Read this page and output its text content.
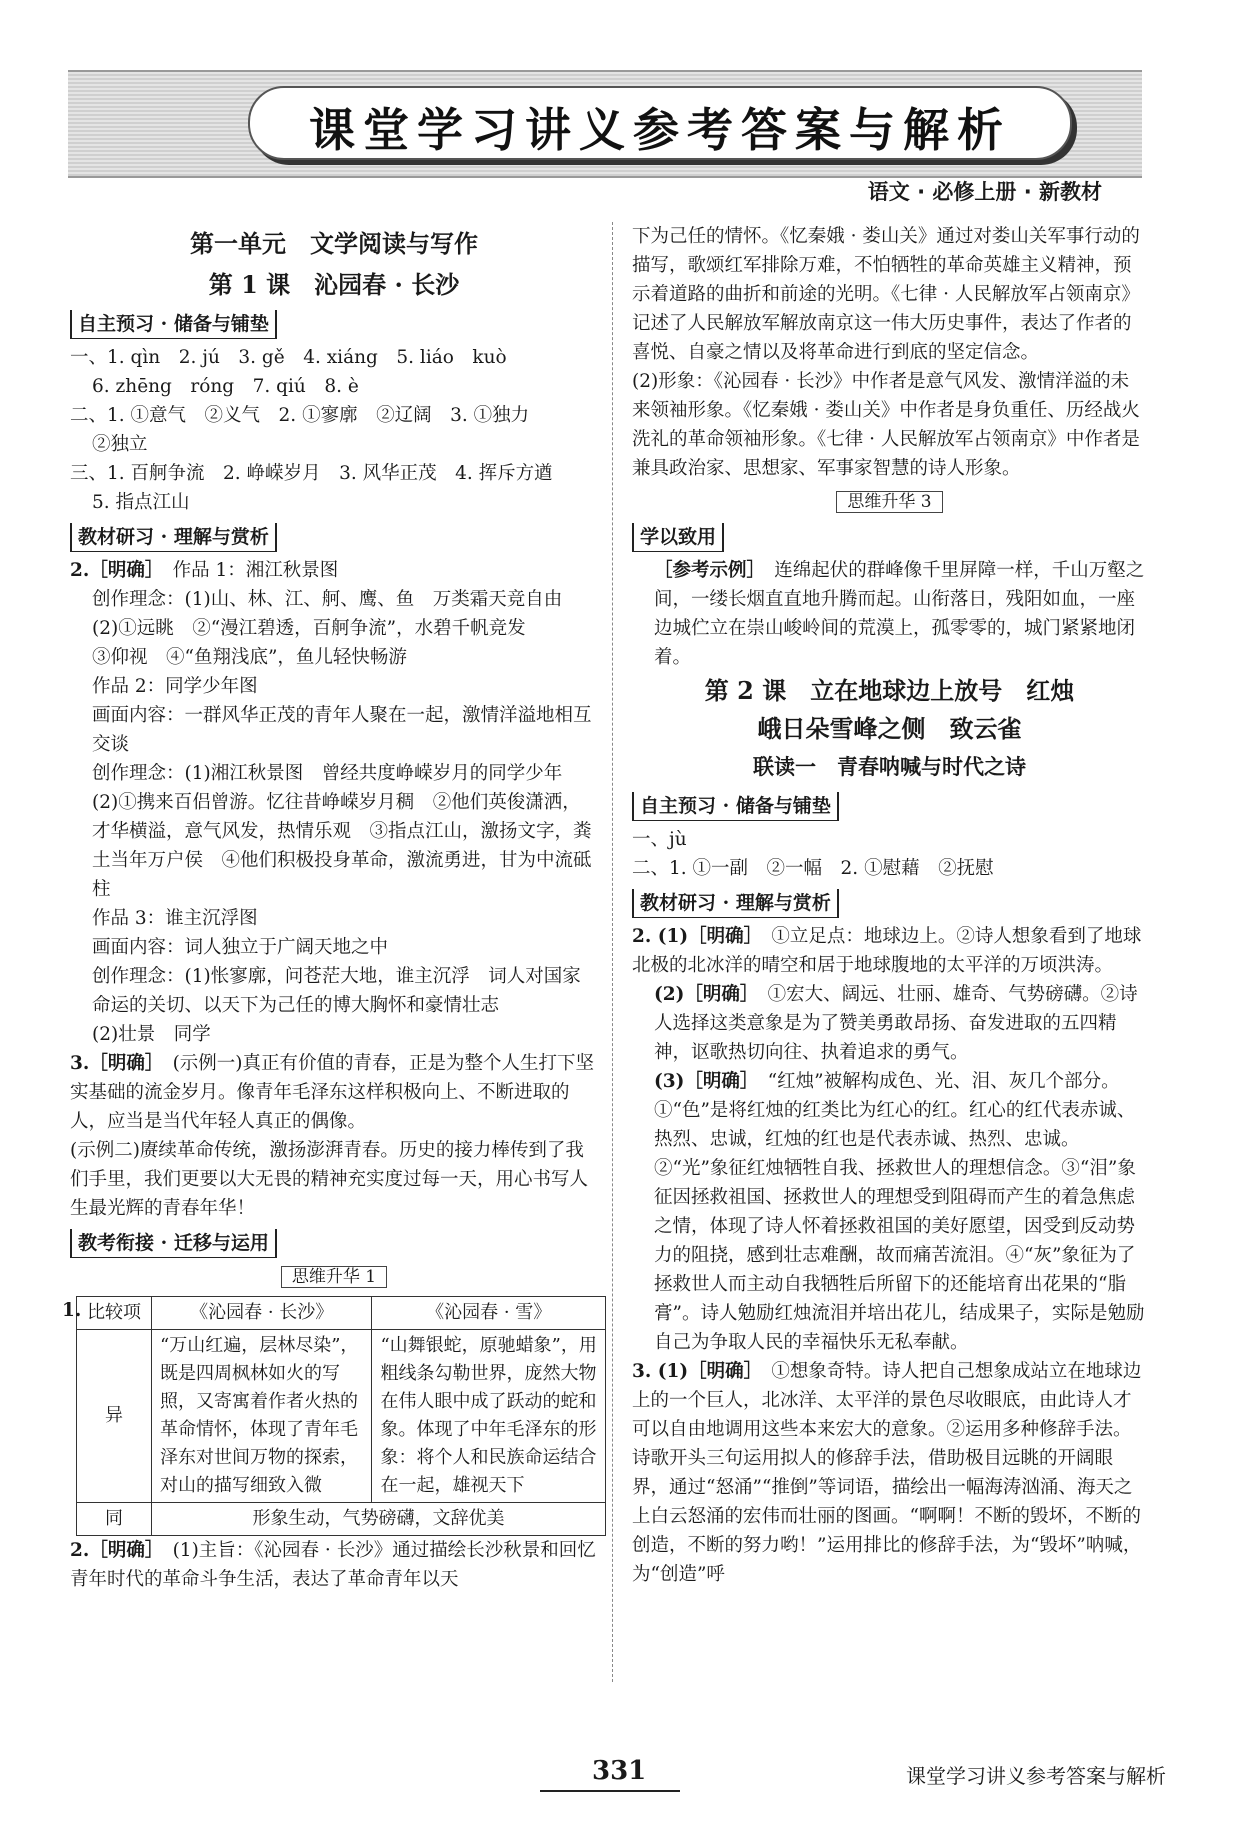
课堂学习讲义参考答案与解析
语文 · 必修上册 · 新教材
第一单元　文学阅读与写作
第 1 课　沁园春 · 长沙
自主预习 · 储备与铺垫

一、1. qìn　2. jú　3. gě　4. xiáng　5. liáo　kuò

6. zhēng　róng　7. qiú　8. è

二、1. ①意气　②义气　2. ①寥廓　②辽阔　3. ①独力

②独立

三、1. 百舸争流　2. 峥嵘岁月　3. 风华正茂　4. 挥斥方遒

5. 指点江山

教材研习 · 理解与赏析

2.［明确］　 作品 1：湘江秋景图

创作理念：(1)山、林、江、舸、鹰、鱼　万类霜天竞自由

(2)①远眺　②“漫江碧透，百舸争流”，水碧千帆竞发

③仰视　④“鱼翔浅底”，鱼儿轻快畅游

作品 2：同学少年图

画面内容：一群风华正茂的青年人聚在一起，激情洋溢地相互交谈

创作理念：(1)湘江秋景图　曾经共度峥嵘岁月的同学少年

(2)①携来百侣曾游。忆往昔峥嵘岁月稠　②他们英俊潇洒，才华横溢，意气风发，热情乐观　③指点江山，激扬文字，粪土当年万户侯　④他们积极投身革命，激流勇进，甘为中流砥柱

作品 3：谁主沉浮图

画面内容：词人独立于广阔天地之中

创作理念：(1)怅寥廓，问苍茫大地，谁主沉浮　词人对国家命运的关切、以天下为己任的博大胸怀和豪情壮志

(2)壮景　同学

3.［明确］　 (示例一)真正有价值的青春，正是为整个人生打下坚实基础的流金岁月。像青年毛泽东这样积极向上、不断进取的人，应当是当代年轻人真正的偶像。

(示例二)赓续革命传统，激扬澎湃青春。历史的接力棒传到了我们手里，我们更要以大无畏的精神充实度过每一天，用心书写人生最光辉的青春年华！

教考衔接 · 迁移与运用
思维升华 1
1. 比较项	《沁园春 · 长沙》	《沁园春 · 雪》
异	“万山红遍，层林尽染”，既是四周枫林如火的写照，又寄寓着作者火热的革命情怀，体现了青年毛泽东对世间万物的探索，对山的描写细致入微	“山舞银蛇，原驰蜡象”，用粗线条勾勒世界，庞然大物在伟人眼中成了跃动的蛇和象。体现了中年毛泽东的形象：将个人和民族命运结合在一起，雄视天下
同	形象生动，气势磅礴，文辞优美	

2.［明确］　 (1)主旨：《沁园春 · 长沙》通过描绘长沙秋景和回忆青年时代的革命斗争生活，表达了革命青年以天

下为己任的情怀。《忆秦娥 · 娄山关》通过对娄山关军事行动的描写，歌颂红军排除万难，不怕牺牲的革命英雄主义精神，预示着道路的曲折和前途的光明。《七律 · 人民解放军占领南京》记述了人民解放军解放南京这一伟大历史事件，表达了作者的喜悦、自豪之情以及将革命进行到底的坚定信念。

(2)形象：《沁园春 · 长沙》中作者是意气风发、激情洋溢的未来领袖形象。《忆秦娥 · 娄山关》中作者是身负重任、历经战火洗礼的革命领袖形象。《七律 · 人民解放军占领南京》中作者是兼具政治家、思想家、军事家智慧的诗人形象。

思维升华 3
学以致用

［参考示例］　 连绵起伏的群峰像千里屏障一样，千山万壑之间，一缕长烟直直地升腾而起。山衔落日，残阳如血，一座边城伫立在崇山峻岭间的荒漠上，孤零零的，城门紧紧地闭着。

第 2 课　立在地球边上放号　红烛
峨日朵雪峰之侧　致云雀
联读一　青春呐喊与时代之诗
自主预习 · 储备与铺垫

一、jù

二、1. ①一副　②一幅　2. ①慰藉　②抚慰

教材研习 · 理解与赏析

2. (1)［明确］　 ①立足点：地球边上。②诗人想象看到了地球北极的北冰洋的晴空和居于地球腹地的太平洋的万顷洪涛。

(2)［明确］　 ①宏大、阔远、壮丽、雄奇、气势磅礴。②诗人选择这类意象是为了赞美勇敢昂扬、奋发进取的五四精神，讴歌热切向往、执着追求的勇气。

(3)［明确］　 “红烛”被解构成色、光、泪、灰几个部分。①“色”是将红烛的红类比为红心的红。红心的红代表赤诚、热烈、忠诚，红烛的红也是代表赤诚、热烈、忠诚。②“光”象征红烛牺牲自我、拯救世人的理想信念。③“泪”象征因拯救祖国、拯救世人的理想受到阻碍而产生的着急焦虑之情，体现了诗人怀着拯救祖国的美好愿望，因受到反动势力的阻挠，感到壮志难酬，故而痛苦流泪。④“灰”象征为了拯救世人而主动自我牺牲后所留下的还能培育出花果的“脂膏”。诗人勉励红烛流泪并培出花儿，结成果子，实际是勉励自己为争取人民的幸福快乐无私奉献。

3. (1)［明确］　 ①想象奇特。诗人把自己想象成站立在地球边上的一个巨人，北冰洋、太平洋的景色尽收眼底，由此诗人才可以自由地调用这些本来宏大的意象。②运用多种修辞手法。诗歌开头三句运用拟人的修辞手法，借助极目远眺的开阔眼界，通过“怒涌”“推倒”等词语，描绘出一幅海涛汹涌、海天之上白云怒涌的宏伟而壮丽的图画。“啊啊！不断的毁坏，不断的创造，不断的努力哟！”运用排比的修辞手法，为“毁坏”呐喊，为“创造”呼

331	课堂学习讲义参考答案与解析
